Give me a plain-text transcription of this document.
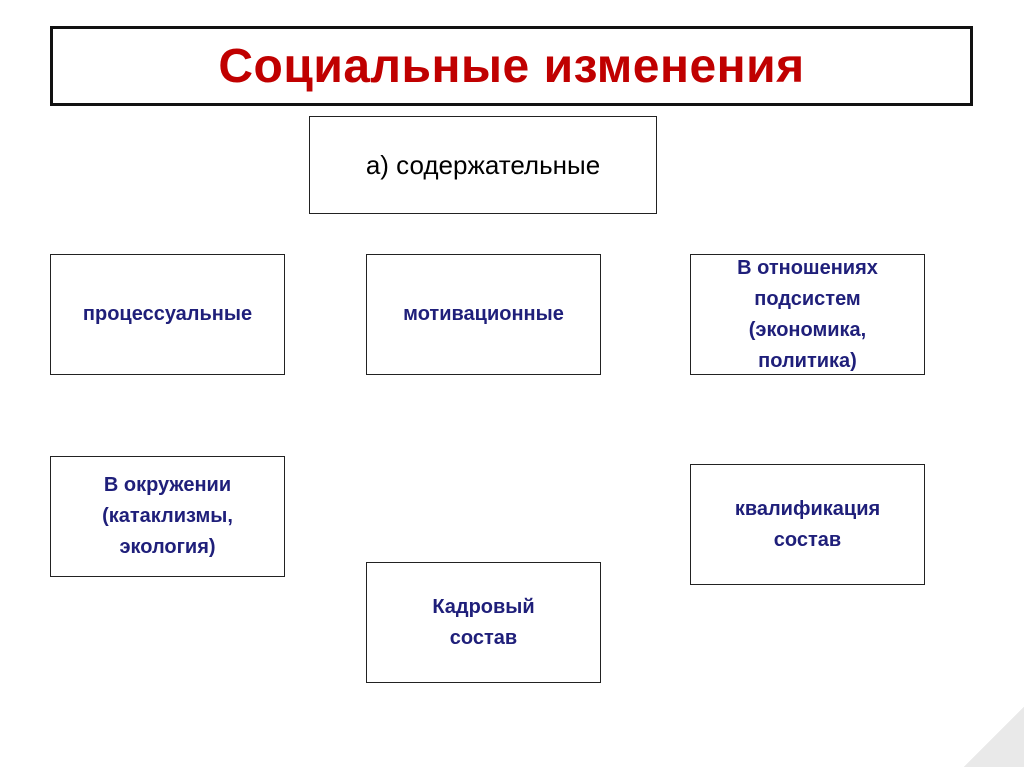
Социальные изменения
а) содержательные
процессуальные	мотивационные
В отношениях
подсистем
(экономика,
политика)
В окружении
(катаклизмы,
экология)
квалификация
состав
Кадровый
состав
